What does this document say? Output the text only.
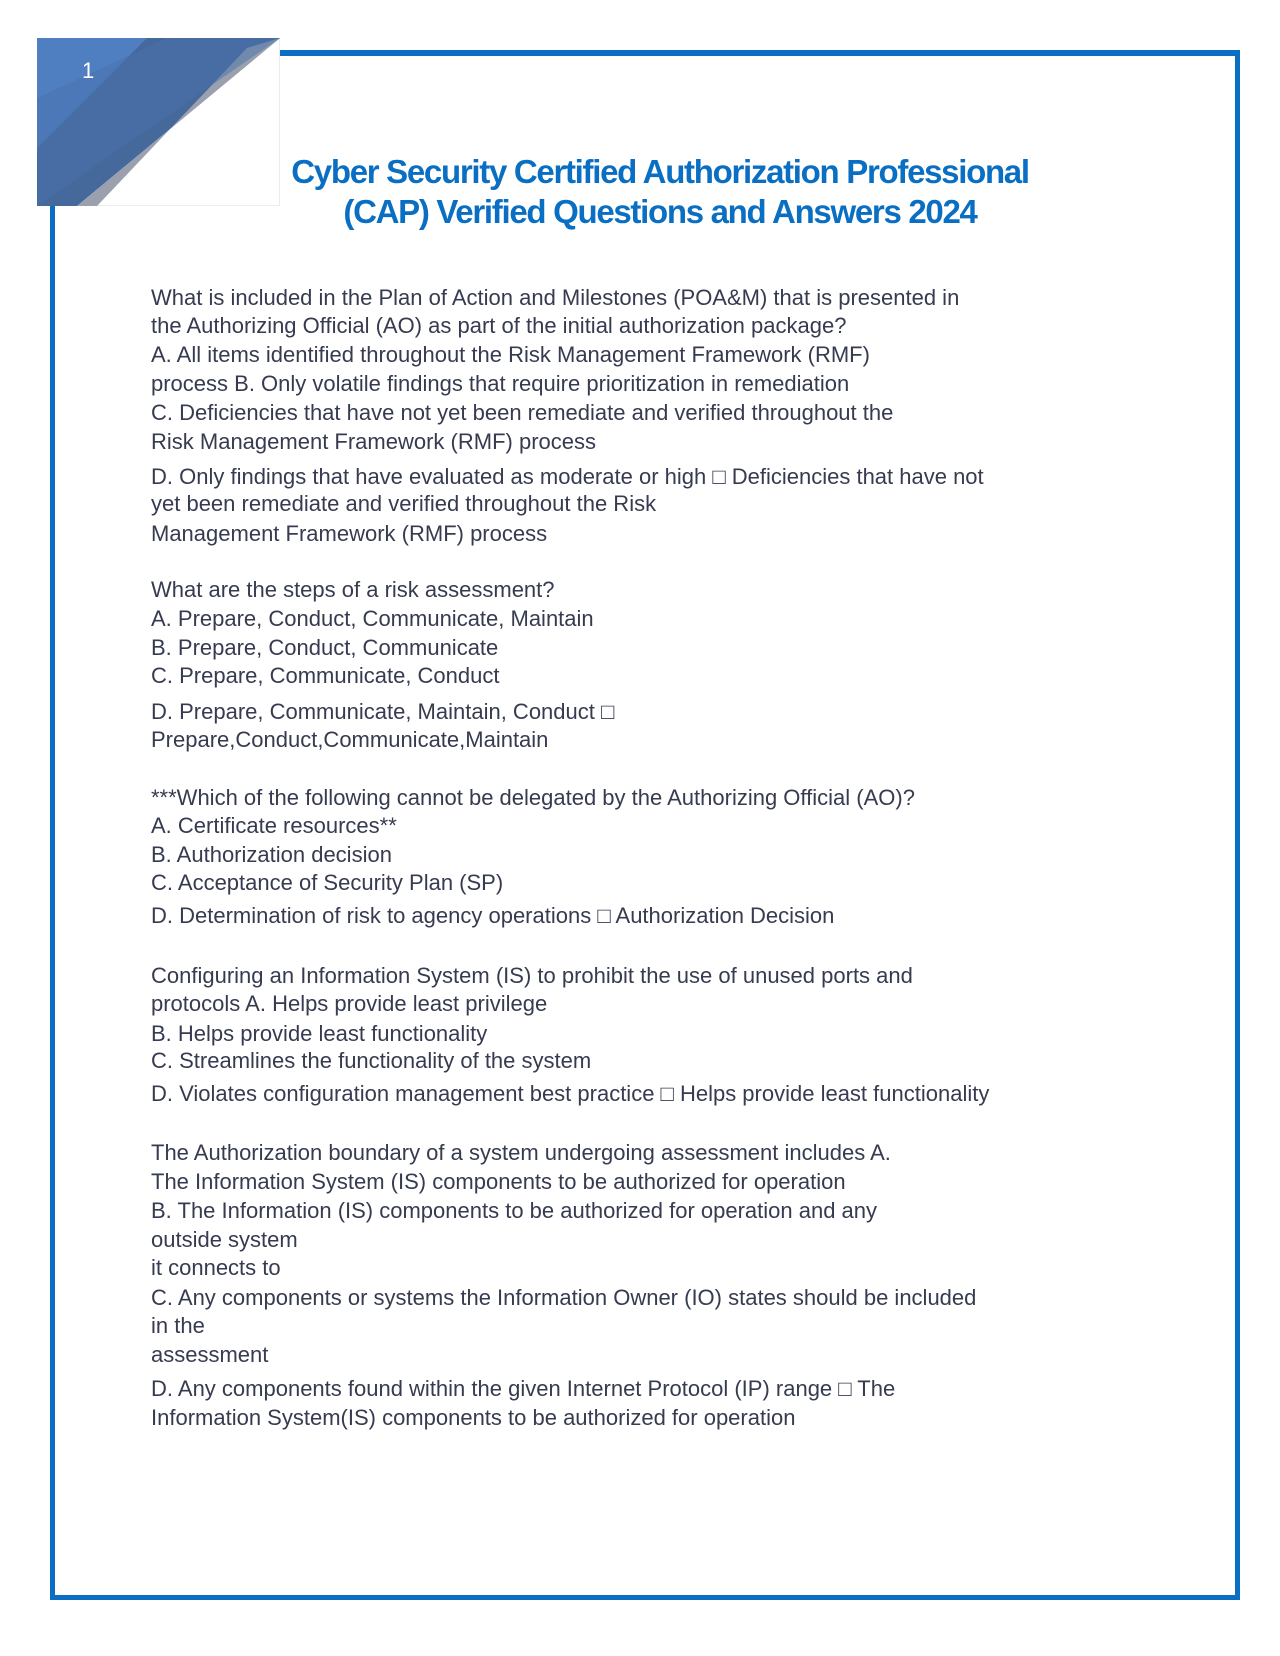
1
Cyber Security Certified Authorization Professional
(CAP) Verified Questions and Answers 2024
What is included in the Plan of Action and Milestones (POA&M) that is presented in
the Authorizing Official (AO) as part of the initial authorization package?
A. All items identified throughout the Risk Management Framework (RMF)
process B. Only volatile findings that require prioritization in remediation
C. Deficiencies that have not yet been remediate and verified throughout the
Risk Management Framework (RMF) process
D. Only findings that have evaluated as moderate or high □ Deficiencies that have not
yet been remediate and verified throughout the Risk
Management Framework (RMF) process
What are the steps of a risk assessment?
A. Prepare, Conduct, Communicate, Maintain
B. Prepare, Conduct, Communicate
C. Prepare, Communicate, Conduct
D. Prepare, Communicate, Maintain, Conduct □
Prepare,Conduct,Communicate,Maintain
***Which of the following cannot be delegated by the Authorizing Official (AO)?
A. Certificate resources**
B. Authorization decision
C. Acceptance of Security Plan (SP)
D. Determination of risk to agency operations □ Authorization Decision
Configuring an Information System (IS) to prohibit the use of unused ports and
protocols A. Helps provide least privilege
B. Helps provide least functionality
C. Streamlines the functionality of the system
D. Violates configuration management best practice □ Helps provide least functionality
The Authorization boundary of a system undergoing assessment includes A.
The Information System (IS) components to be authorized for operation
B. The Information (IS) components to be authorized for operation and any
outside system
it connects to
C. Any components or systems the Information Owner (IO) states should be included
in the
assessment
D. Any components found within the given Internet Protocol (IP) range □ The
Information System(IS) components to be authorized for operation
